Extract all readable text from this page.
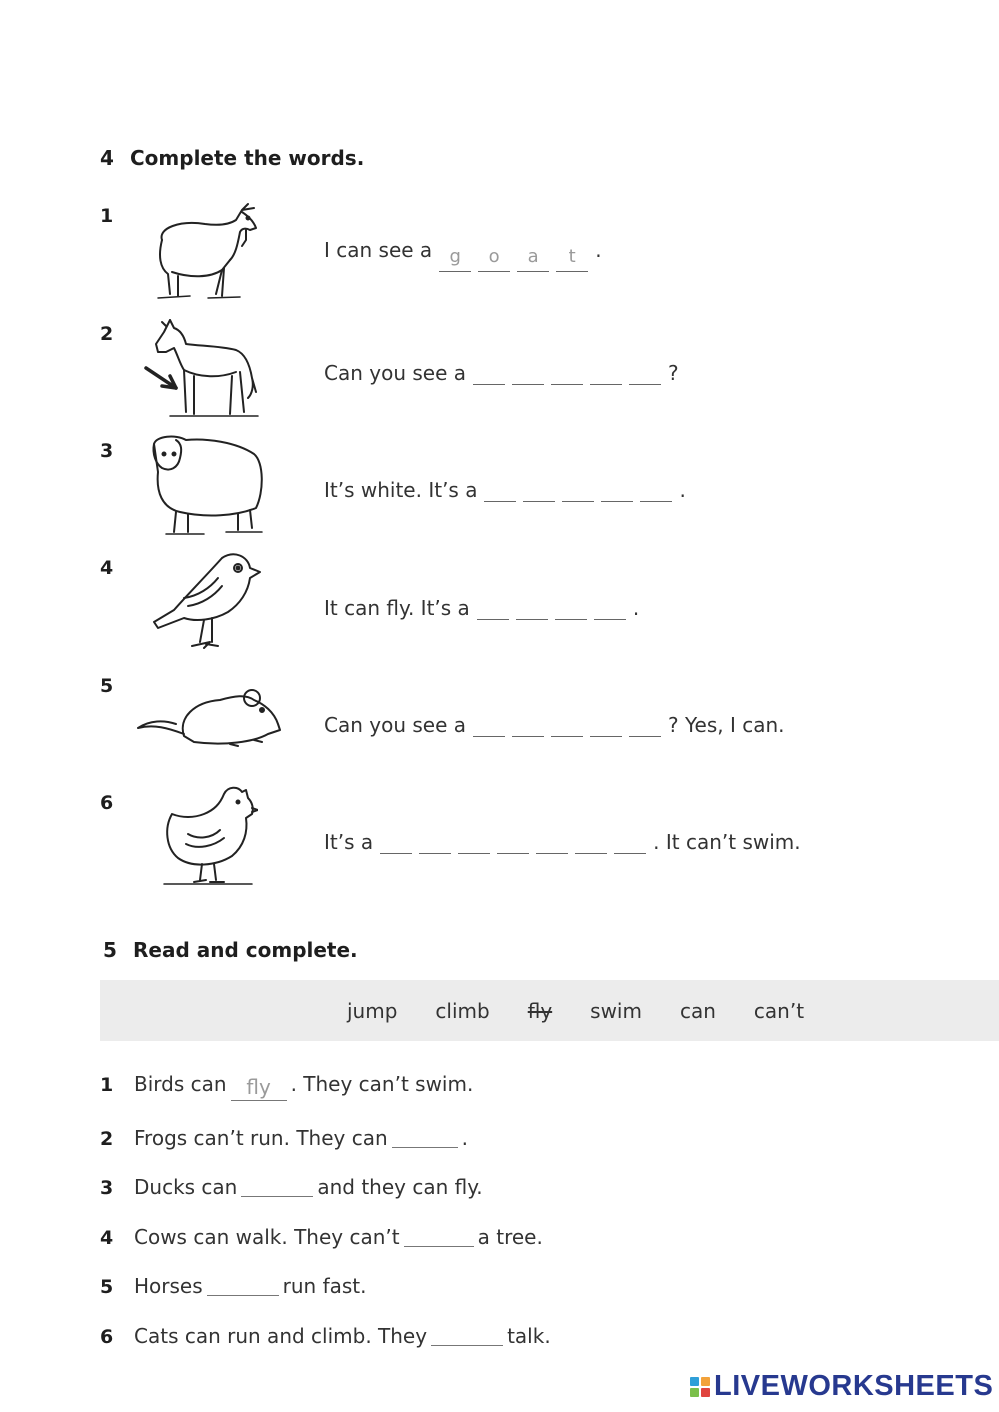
4 Complete the words.
1
I can see a g	o	a	t .
2
Can you see a	?
3
It’s white. It’s a	.
4
It can fly. It’s a	.
5
Can you see a	? Yes, I can.
6
It’s a	. It can’t swim.
5 Read and complete.
jump climb fly swim can can’t
1	Birds can fly . They can’t swim.
2	Frogs can’t run. They can	.
3	Ducks can	and they can fly.
4	Cows can walk. They can’t	a tree.
5	Horses	run fast.
6	Cats can run and climb. They	talk.
LIVEWORKSHEETS
